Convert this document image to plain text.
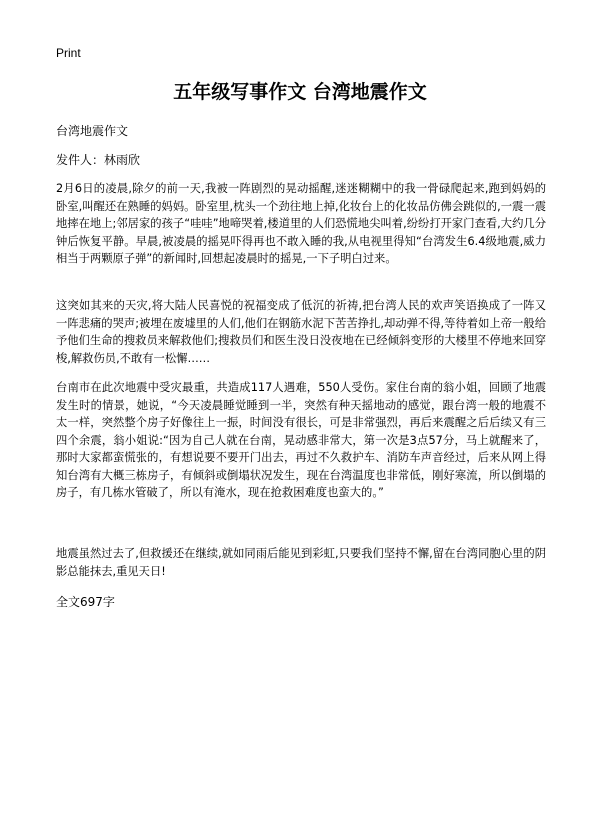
Print
五年级写事作文 台湾地震作文

台湾地震作文

发件人：林雨欣

2月6日的凌晨,除夕的前一天,我被一阵剧烈的晃动摇醒,迷迷糊糊中的我一骨碌爬起来,跑到妈妈的卧室,叫醒还在熟睡的妈妈。卧室里,枕头一个劲往地上掉,化妆台上的化妆品仿佛会跳似的,一震一震地摔在地上;邻居家的孩子“哇哇”地啼哭着,楼道里的人们恐慌地尖叫着,纷纷打开家门查看,大约几分钟后恢复平静。早晨,被凌晨的摇晃吓得再也不敢入睡的我,从电视里得知“台湾发生6.4级地震,威力相当于两颗原子弹”的新闻时,回想起凌晨时的摇晃,一下子明白过来。

这突如其来的天灾,将大陆人民喜悦的祝福变成了低沉的祈祷,把台湾人民的欢声笑语换成了一阵又一阵悲痛的哭声;被埋在废墟里的人们,他们在钢筋水泥下苦苦挣扎,却动弹不得,等待着如上帝一般给予他们生命的搜救员来解救他们;搜救员们和医生没日没夜地在已经倾斜变形的大楼里不停地来回穿梭,解救伤员,不敢有一松懈……

台南市在此次地震中受灾最重，共造成117人遇难，550人受伤。家住台南的翁小姐，回顾了地震发生时的情景，她说，“今天凌晨睡觉睡到一半，突然有种天摇地动的感觉，跟台湾一般的地震不太一样，突然整个房子好像往上一振，时间没有很长，可是非常强烈，再后来震醒之后后续又有三四个余震，翁小姐说:“因为自己人就在台南，晃动感非常大，第一次是3点57分，马上就醒来了，那时大家都蛮慌张的，有想说要不要开门出去，再过不久救护车、消防车声音经过，后来从网上得知台湾有大概三栋房子，有倾斜或倒塌状况发生，现在台湾温度也非常低，刚好寒流，所以倒塌的房子，有几栋水管破了，所以有淹水，现在抢救困难度也蛮大的。”

地震虽然过去了,但救援还在继续,就如同雨后能见到彩虹,只要我们坚持不懈,留在台湾同胞心里的阴影总能抹去,重见天日!

全文697字
